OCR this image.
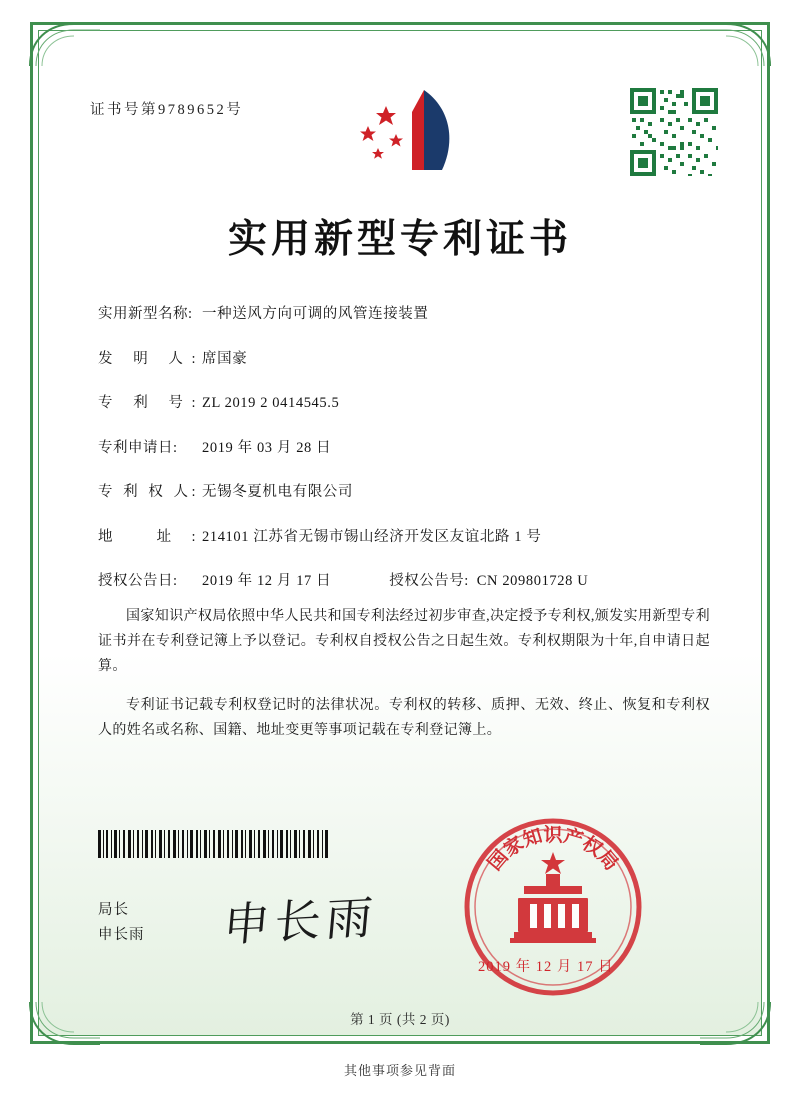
证书号第9789652号
实用新型专利证书
实用新型名称: 一种送风方向可调的风管连接装置
发 明 人: 席国豪
专 利 号: ZL 2019 2 0414545.5
专利申请日:	2019 年 03 月 28 日
专 利 权 人: 无锡冬夏机电有限公司
地 址: 214101 江苏省无锡市锡山经济开发区友谊北路 1 号
授权公告日:	2019 年 12 月 17 日	授权公告号: CN 209801728 U

国家知识产权局依照中华人民共和国专利法经过初步审查,决定授予专利权,颁发实用新型专利证书并在专利登记簿上予以登记。专利权自授权公告之日起生效。专利权期限为十年,自申请日起算。

专利证书记载专利权登记时的法律状况。专利权的转移、质押、无效、终止、恢复和专利权人的姓名或名称、国籍、地址变更等事项记载在专利登记簿上。

局长
申长雨 申长雨
国家知识产权局
2019 年 12 月 17 日
第 1 页 (共 2 页)
其他事项参见背面
